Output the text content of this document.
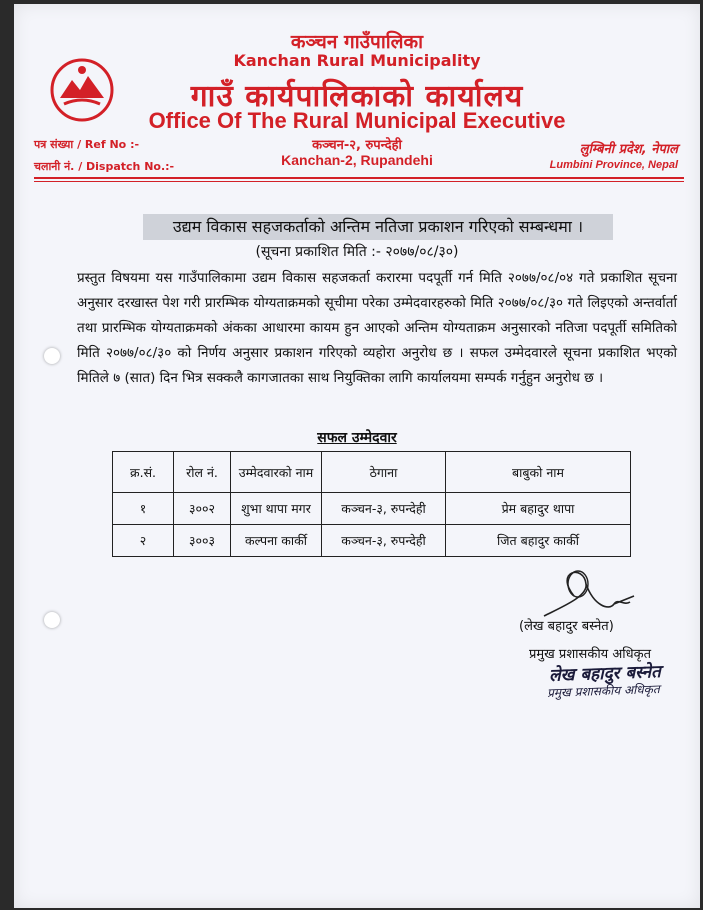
कञ्चन गाउँपालिका
Kanchan Rural Municipality
गाउँ कार्यपालिकाको कार्यालय
Office Of The Rural Municipal Executive
कञ्चन-२, रुपन्देही
Kanchan-2, Rupandehi
पत्र संख्या / Ref No :-
चलानी नं. / Dispatch No.:-
लुम्बिनी प्रदेश, नेपाल
Lumbini Province, Nepal
उद्यम विकास सहजकर्ताको अन्तिम नतिजा प्रकाशन गरिएको सम्बन्धमा ।
(सूचना प्रकाशित मिति :- २०७७/०८/३०)
प्रस्तुत विषयमा यस गाउँपालिकामा उद्यम विकास सहजकर्ता करारमा पदपूर्ती गर्न मिति २०७७/०८/०४ गते प्रकाशित सूचना अनुसार दरखास्त पेश गरी प्रारम्भिक योग्यताक्रमको सूचीमा परेका उम्मेदवारहरुको मिति २०७७/०८/३० गते लिइएको अन्तर्वार्ता तथा प्रारम्भिक योग्यताक्रमको अंकका आधारमा कायम हुन आएको अन्तिम योग्यताक्रम अनुसारको नतिजा पदपूर्ती समितिको मिति २०७७/०८/३० को निर्णय अनुसार प्रकाशन गरिएको व्यहोरा अनुरोध छ । सफल उम्मेदवारले सूचना प्रकाशित भएको मितिले ७ (सात) दिन भित्र सक्कलै कागजातका साथ नियुक्तिका लागि कार्यालयमा सम्पर्क गर्नुहुन अनुरोध छ ।
सफल उम्मेदवार
क्र.सं.	रोल नं.	उम्मेदवारको नाम	ठेगाना	बाबुको नाम
१	३००२	शुभा थापा मगर	कञ्चन-३, रुपन्देही	प्रेम बहादुर थापा
२	३००३	कल्पना कार्की	कञ्चन-३, रुपन्देही	जित बहादुर कार्की
(लेख बहादुर बस्नेत)
प्रमुख प्रशासकीय अधिकृत
लेख बहादुर बस्नेत
प्रमुख प्रशासकीय अधिकृत
